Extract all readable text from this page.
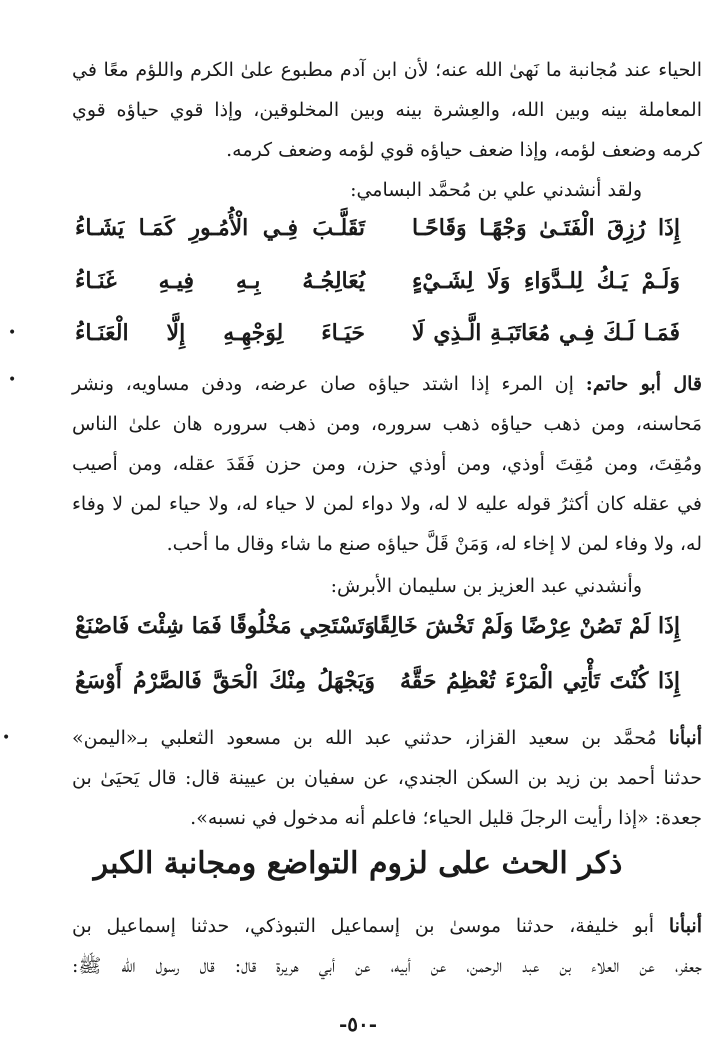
الحياء عند مُجانبة ما نَهىٰ الله عنه؛ لأن ابن آدم مطبوع علىٰ الكرم واللؤم معًا في
المعاملة بينه وبين الله، والعِشرة بينه وبين المخلوقين، وإذا قوي حياؤه قوي
كرمه وضعف لؤمه، وإذا ضعف حياؤه قوي لؤمه وضعف كرمه.
ولقد أنشدني علي بن مُحمَّد البسامي:
إِذَا رُزِقَ الْفَتَـىٰ وَجْهًـا وَقَاحًـا
تَقَلَّـبَ فِـي الْأُمُـورِ كَمَـا يَشَـاءُ
وَلَـمْ يَـكُ لِلـدَّوَاءِ وَلَا لِشَـيْءٍ
يُعَالِجُـهُ بِـهِ فِيـهِ غَنَـاءُ
فَمَـا لَـكَ فِـي مُعَاتَبَـةِ الَّـذِي لَا
حَيَـاءَ لِوَجْهِـهِ إِلَّا الْعَنَـاءُ
قال أبو حاتم: إن المرء إذا اشتد حياؤه صان عرضه، ودفن مساويه، ونشر
مَحاسنه، ومن ذهب حياؤه ذهب سروره، ومن ذهب سروره هان علىٰ الناس
ومُقِتَ، ومن مُقِتَ أوذي، ومن أوذي حزن، ومن حزن فَقَدَ عقله، ومن أصيب
في عقله كان أكثرُ قوله عليه لا له، ولا دواء لمن لا حياء له، ولا حياء لمن لا وفاء
له، ولا وفاء لمن لا إخاء له، وَمَنْ قَلَّ حياؤه صنع ما شاء وقال ما أحب.
وأنشدني عبد العزيز بن سليمان الأبرش:
إِذَا لَمْ تَصُنْ عِرْضًا وَلَمْ تَخْشَ خَالِقًا
وَتَسْتَحِي مَخْلُوقًا فَمَا شِئْتَ فَاصْنَعْ
إِذَا كُنْتَ تَأْتِي الْمَرْءَ تُعْظِمُ حَقَّهُ
وَيَجْهَلُ مِنْكَ الْحَقَّ فَالصَّرْمُ أَوْسَعُ
أنبأنا مُحمَّد بن سعيد القزاز، حدثني عبد الله بن مسعود الثعلبي بـ«اليمن»
حدثنا أحمد بن زيد بن السكن الجندي، عن سفيان بن عيينة قال: قال يَحيَىٰ بن
جعدة: «إذا رأيت الرجلَ قليل الحياء؛ فاعلم أنه مدخول في نسبه».
ذكر الحث على لزوم التواضع ومجانبة الكبر
أنبأنا أبو خليفة، حدثنا موسىٰ بن إسماعيل التبوذكي، حدثنا إسماعيل بن
جعفر، عن العلاء بن عبد الرحمن، عن أبيه، عن أبي هريرة قال: قال رسول الله ﷺ:
-٥٠-
•
•
•
